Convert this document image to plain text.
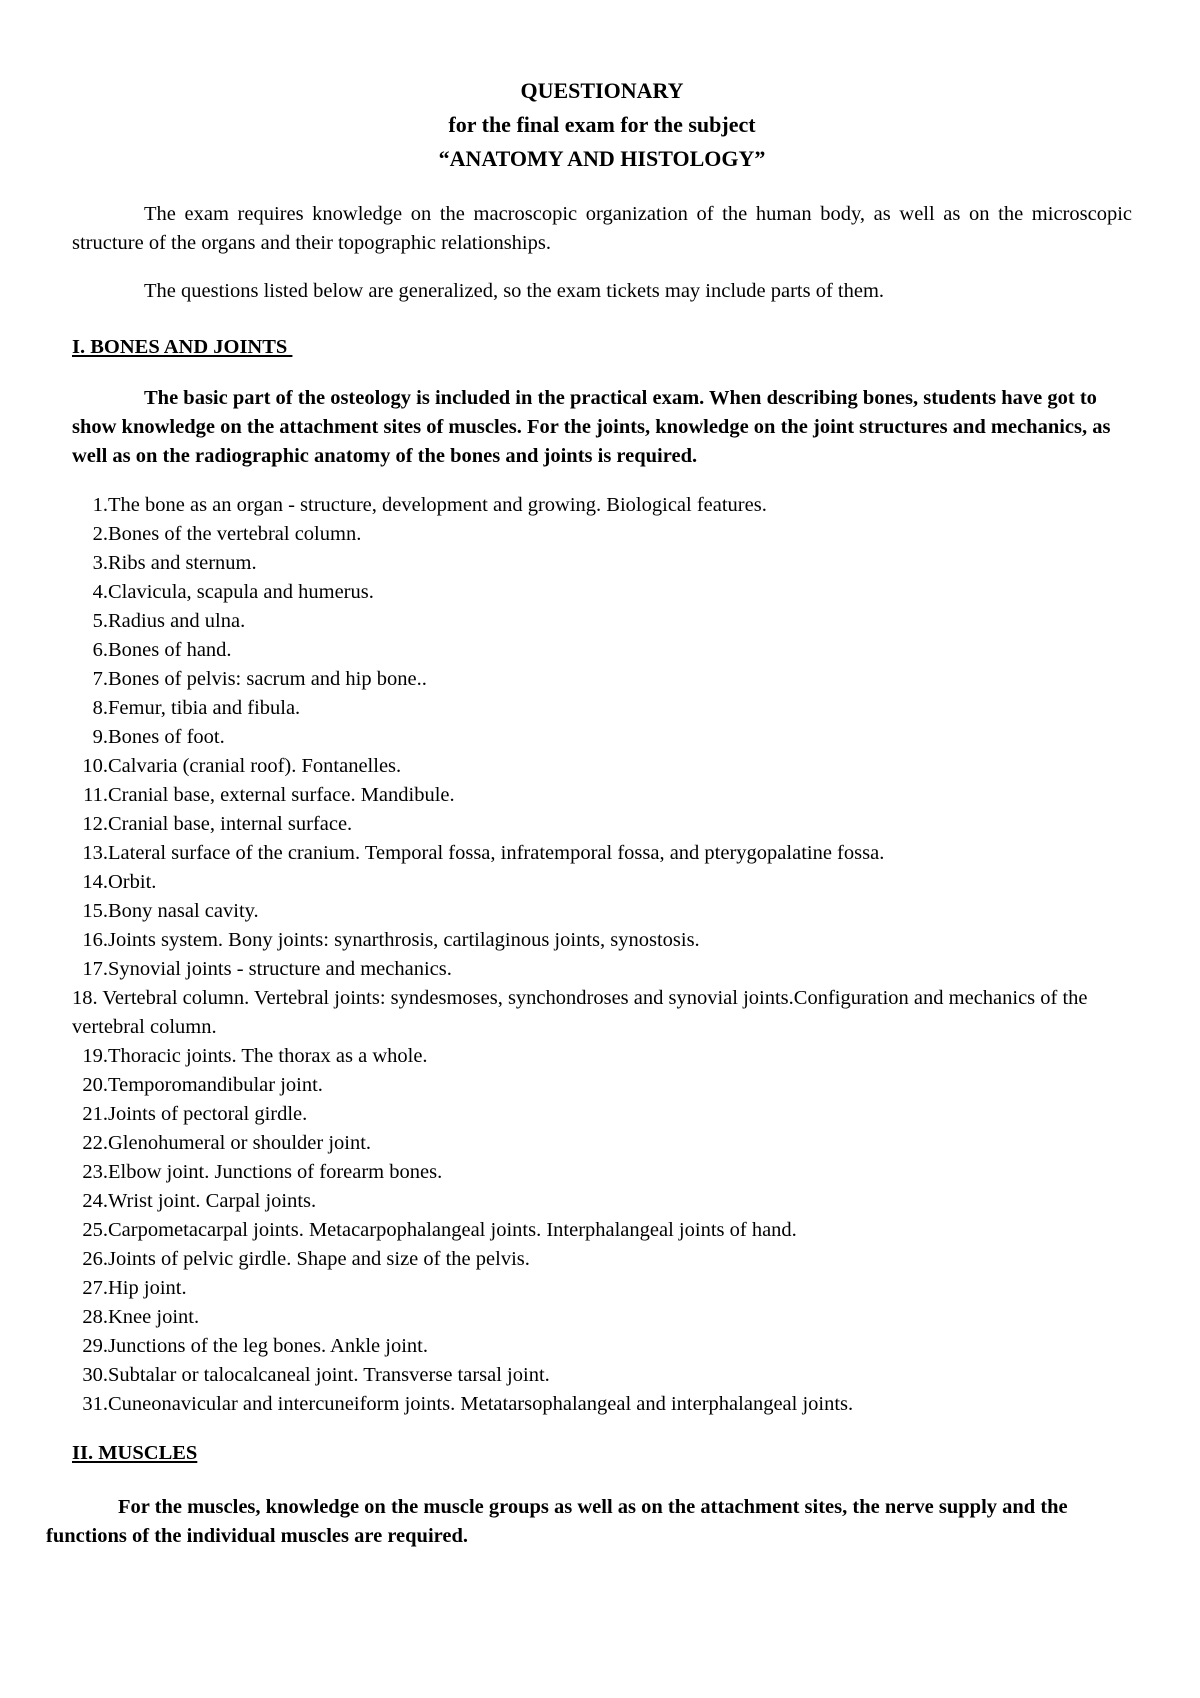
QUESTIONARY
for the final exam for the subject
“ANATOMY AND HISTOLOGY”
The exam requires knowledge on the macroscopic organization of the human body, as well as on the microscopic structure of the organs and their topographic relationships.
The questions listed below are generalized, so the exam tickets may include parts of them.
I. BONES AND JOINTS
The basic part of the osteology is included in the practical exam. When describing bones, students have got to show knowledge on the attachment sites of muscles. For the joints, knowledge on the joint structures and mechanics, as well as on the radiographic anatomy of the bones and joints is required.
1. The bone as an organ - structure, development and growing. Biological features.
2. Bones of the vertebral column.
3. Ribs and sternum.
4. Clavicula, scapula and humerus.
5. Radius and ulna.
6. Bones of hand.
7. Bones of pelvis: sacrum and hip bone..
8. Femur, tibia and fibula.
9. Bones of foot.
10. Calvaria (cranial roof). Fontanelles.
11. Cranial base, external surface. Mandibule.
12. Cranial base, internal surface.
13. Lateral surface of the cranium. Temporal fossa, infratemporal fossa, and pterygopalatine fossa.
14. Orbit.
15. Bony nasal cavity.
16. Joints system. Bony joints: synarthrosis, cartilaginous joints, synostosis.
17. Synovial joints - structure and mechanics.
18. Vertebral column. Vertebral joints: syndesmoses, synchondroses and synovial joints.Configuration and mechanics of the vertebral column.
19. Thoracic joints. The thorax as a whole.
20. Temporomandibular joint.
21. Joints of pectoral girdle.
22. Glenohumeral or shoulder joint.
23. Elbow joint. Junctions of forearm bones.
24. Wrist joint. Carpal joints.
25. Carpometacarpal joints. Metacarpophalangeal joints. Interphalangeal joints of hand.
26. Joints of pelvic girdle. Shape and size of the pelvis.
27. Hip joint.
28. Knee joint.
29. Junctions of the leg bones. Ankle joint.
30. Subtalar or talocalcaneal joint. Transverse tarsal joint.
31. Cuneonavicular and intercuneiform joints. Metatarsophalangeal and interphalangeal joints.
II. MUSCLES
For the muscles, knowledge on the muscle groups as well as on the attachment sites, the nerve supply and the functions of the individual muscles are required.
